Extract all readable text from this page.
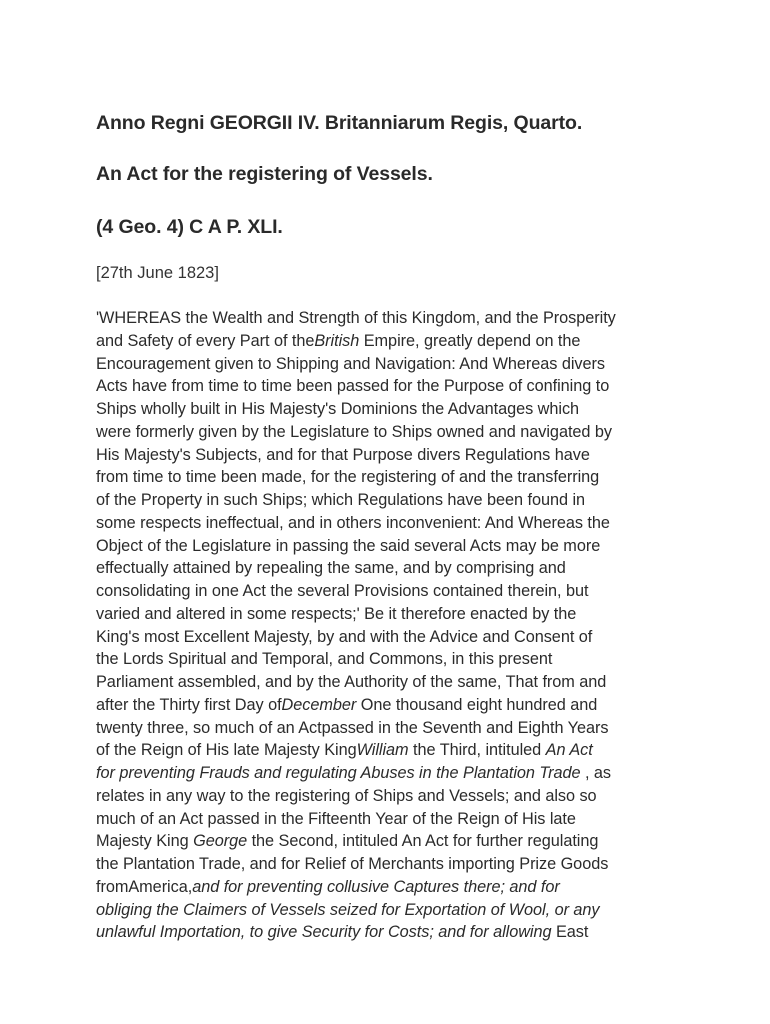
Anno Regni GEORGII IV. Britanniarum Regis, Quarto.
An Act for the registering of Vessels.
(4 Geo. 4) C A P. XLI.
[27th June 1823]
'WHEREAS the Wealth and Strength of this Kingdom, and the Prosperity
and Safety of every Part of theBritish Empire, greatly depend on the
Encouragement given to Shipping and Navigation: And Whereas divers
Acts have from time to time been passed for the Purpose of confining to
Ships wholly built in His Majesty's Dominions the Advantages which
were formerly given by the Legislature to Ships owned and navigated by
His Majesty's Subjects, and for that Purpose divers Regulations have
from time to time been made, for the registering of and the transferring
of the Property in such Ships; which Regulations have been found in
some respects ineffectual, and in others inconvenient: And Whereas the
Object of the Legislature in passing the said several Acts may be more
effectually attained by repealing the same, and by comprising and
consolidating in one Act the several Provisions contained therein, but
varied and altered in some respects;' Be it therefore enacted by the
King's most Excellent Majesty, by and with the Advice and Consent of
the Lords Spiritual and Temporal, and Commons, in this present
Parliament assembled, and by the Authority of the same, That from and
after the Thirty first Day ofDecember One thousand eight hundred and
twenty three, so much of an Actpassed in the Seventh and Eighth Years
of the Reign of His late Majesty KingWilliam the Third, intituled An Act
for preventing Frauds and regulating Abuses in the Plantation Trade , as
relates in any way to the registering of Ships and Vessels; and also so
much of an Act passed in the Fifteenth Year of the Reign of His late
Majesty King George the Second, intituled An Act for further regulating
the Plantation Trade, and for Relief of Merchants importing Prize Goods
fromAmerica,and for preventing collusive Captures there; and for
obliging the Claimers of Vessels seized for Exportation of Wool, or any
unlawful Importation, to give Security for Costs; and for allowing East
